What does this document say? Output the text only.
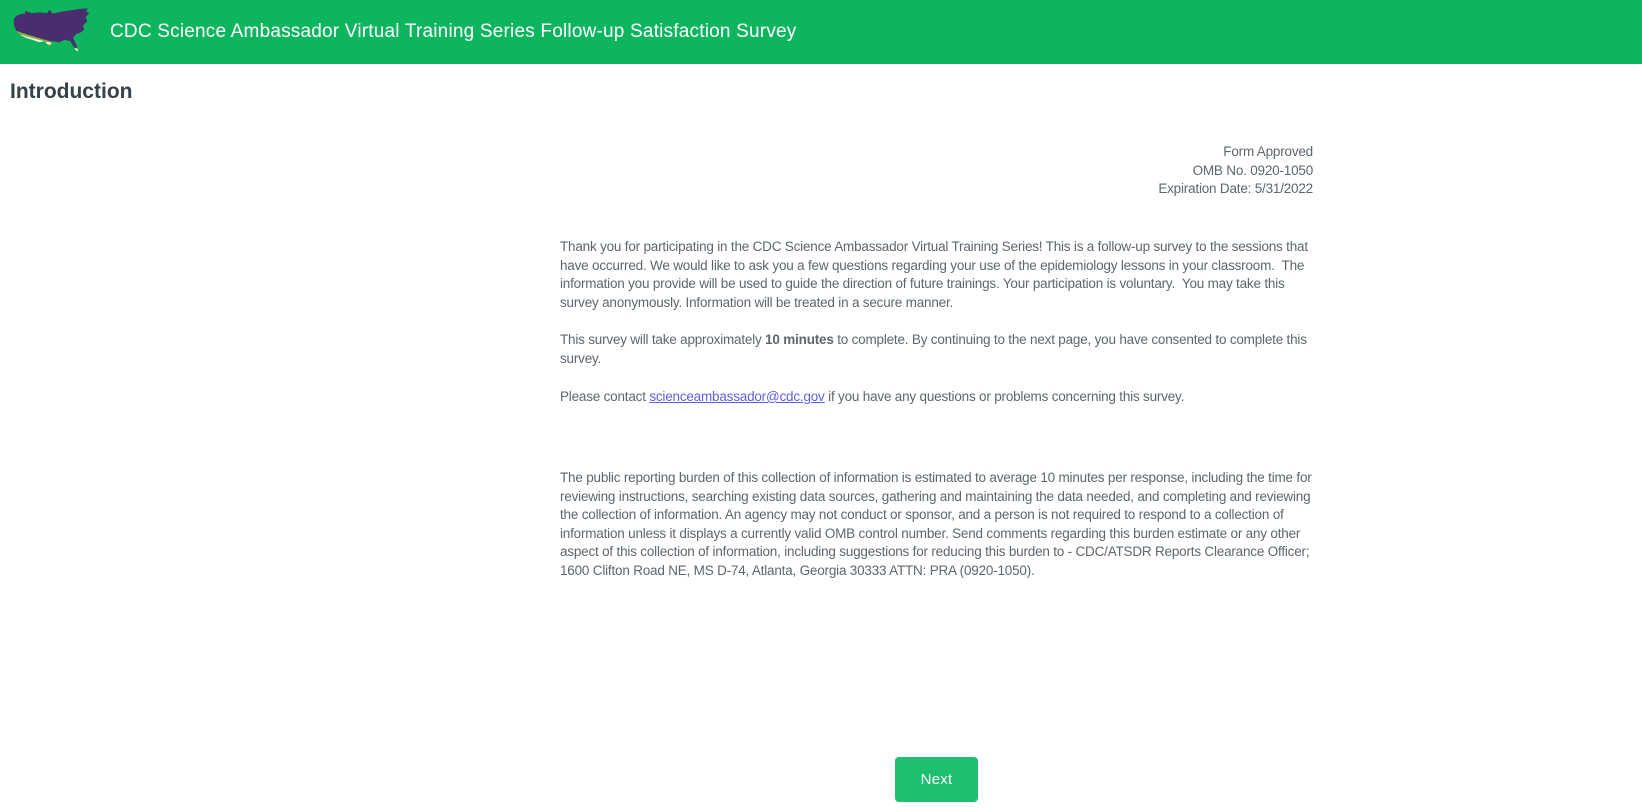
CDC Science Ambassador Virtual Training Series Follow-up Satisfaction Survey
Introduction
Form Approved
OMB No. 0920-1050
Expiration Date: 5/31/2022

Thank you for participating in the CDC Science Ambassador Virtual Training Series! This is a follow-up survey to the sessions that have occurred. We would like to ask you a few questions regarding your use of the epidemiology lessons in your classroom.  The information you provide will be used to guide the direction of future trainings. Your participation is voluntary.  You may take this survey anonymously. Information will be treated in a secure manner.

This survey will take approximately 10 minutes to complete. By continuing to the next page, you have consented to complete this survey.

Please contact scienceambassador@cdc.gov if you have any questions or problems concerning this survey.

The public reporting burden of this collection of information is estimated to average 10 minutes per response, including the time for reviewing instructions, searching existing data sources, gathering and maintaining the data needed, and completing and reviewing the collection of information. An agency may not conduct or sponsor, and a person is not required to respond to a collection of information unless it displays a currently valid OMB control number. Send comments regarding this burden estimate or any other aspect of this collection of information, including suggestions for reducing this burden to - CDC/ATSDR Reports Clearance Officer; 1600 Clifton Road NE, MS D-74, Atlanta, Georgia 30333 ATTN: PRA (0920-1050).

Next
